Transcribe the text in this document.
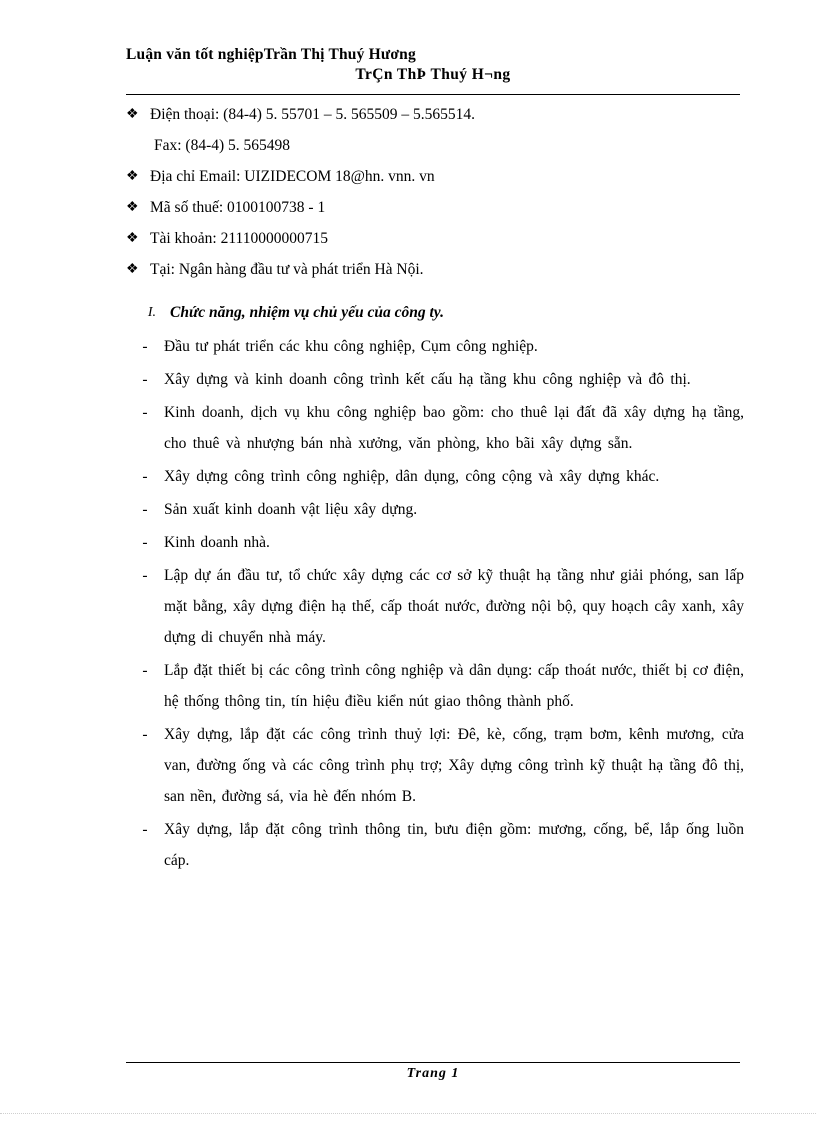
Luận văn tốt nghiệpTrần Thị Thuý Hương
TrÇn ThÞ Thuý H¬ng
❖ Điện thoại: (84-4) 5. 55701 – 5. 565509 – 5.565514.
Fax: (84-4) 5. 565498
❖ Địa chỉ Email: UIZIDECOM 18@hn. vnn. vn
❖ Mã số thuế: 0100100738 - 1
❖ Tài khoản: 21110000000715
❖ Tại: Ngân hàng đầu tư và phát triển Hà Nội.
I. Chức năng, nhiệm vụ chủ yếu của công ty.
-	Đầu tư phát triển các khu công nghiệp, Cụm công nghiệp.
-	Xây dựng và kinh doanh công trình kết cấu hạ tầng khu công nghiệp và đô thị.
-	Kinh doanh, dịch vụ khu công nghiệp bao gồm: cho thuê lại đất đã xây dựng hạ tầng, cho thuê và nhượng bán nhà xưởng, văn phòng, kho bãi xây dựng sẵn.
-	Xây dựng công trình công nghiệp, dân dụng, công cộng và xây dựng khác.
-	Sản xuất kinh doanh vật liệu xây dựng.
-	Kinh doanh nhà.
-	Lập dự án đầu tư, tổ chức xây dựng các cơ sở kỹ thuật hạ tầng như giải phóng, san lấp mặt bằng, xây dựng điện hạ thế, cấp thoát nước, đường nội bộ, quy hoạch cây xanh, xây dựng di chuyển nhà máy.
-	Lắp đặt thiết bị các công trình công nghiệp và dân dụng: cấp thoát nước, thiết bị cơ điện, hệ thống thông tin, tín hiệu điều kiển nút giao thông thành phố.
-	Xây dựng, lắp đặt các công trình thuỷ lợi: Đê, kè, cống, trạm bơm, kênh mương, cửa van, đường ống và các công trình phụ trợ; Xây dựng công trình kỹ thuật hạ tầng đô thị, san nền, đường sá, vỉa hè đến nhóm B.
-	Xây dựng, lắp đặt công trình thông tin, bưu điện gồm: mương, cống, bể, lắp ống luồn cáp.
Trang 1
